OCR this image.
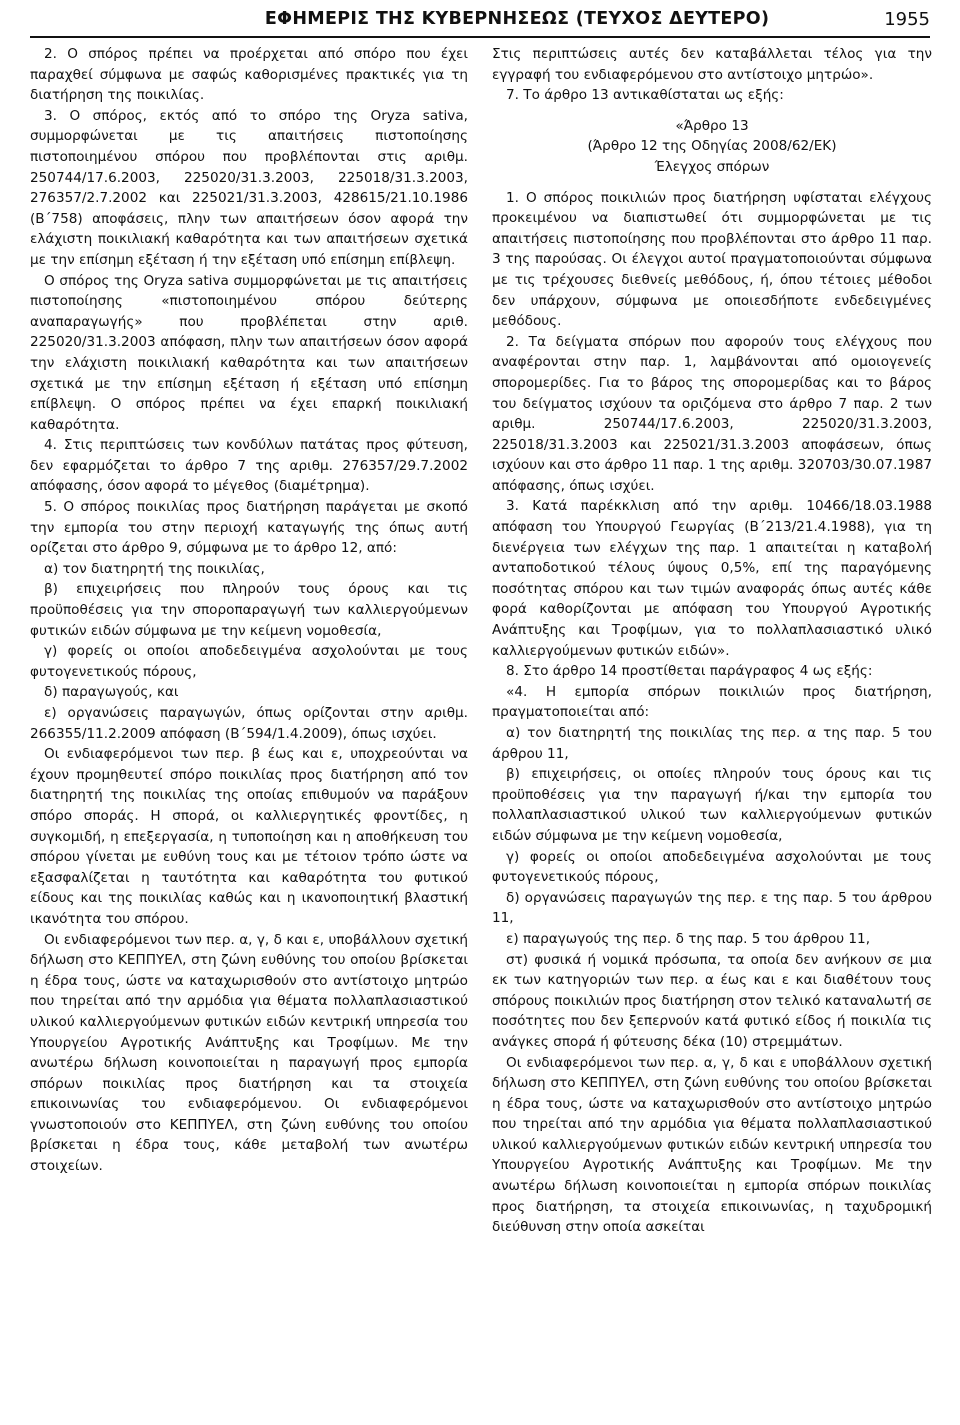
ΕΦΗΜΕΡΙΣ ΤΗΣ ΚΥΒΕΡΝΗΣΕΩΣ (ΤΕΥΧΟΣ ΔΕΥΤΕΡΟ)	1955

2. Ο σπόρος πρέπει να προέρχεται από σπόρο που έχει παραχθεί σύμφωνα με σαφώς καθορισμένες πρακτικές για τη διατήρηση της ποικιλίας.

3. Ο σπόρος, εκτός από το σπόρο της Oryza sativa, συμμορφώνεται με τις απαιτήσεις πιστοποίησης πιστοποιημένου σπόρου που προβλέπονται στις αριθμ. 250744/17.6.2003, 225020/31.3.2003, 225018/31.3.2003, 276357/2.7.2002 και 225021/31.3.2003, 428615/21.10.1986 (Β΄758) αποφάσεις, πλην των απαιτήσεων όσον αφορά την ελάχιστη ποικιλιακή καθαρότητα και των απαιτήσεων σχετικά με την επίσημη εξέταση ή την εξέταση υπό επίσημη επίβλεψη.

Ο σπόρος της Oryza sativa συμμορφώνεται με τις απαιτήσεις πιστοποίησης «πιστοποιημένου σπόρου δεύτερης αναπαραγωγής» που προβλέπεται στην αριθ. 225020/31.3.2003 απόφαση, πλην των απαιτήσεων όσον αφορά την ελάχιστη ποικιλιακή καθαρότητα και των απαιτήσεων σχετικά με την επίσημη εξέταση ή εξέταση υπό επίσημη επίβλεψη. Ο σπόρος πρέπει να έχει επαρκή ποικιλιακή καθαρότητα.

4. Στις περιπτώσεις των κονδύλων πατάτας προς φύτευση, δεν εφαρμόζεται το άρθρο 7 της αριθμ. 276357/29.7.2002 απόφασης, όσον αφορά το μέγεθος (διαμέτρημα).

5. Ο σπόρος ποικιλίας προς διατήρηση παράγεται με σκοπό την εμπορία του στην περιοχή καταγωγής της όπως αυτή ορίζεται στο άρθρο 9, σύμφωνα με το άρθρο 12, από:

α) τον διατηρητή της ποικιλίας,

β) επιχειρήσεις που πληρούν τους όρους και τις προϋποθέσεις για την σποροπαραγωγή των καλλιεργούμενων φυτικών ειδών σύμφωνα με την κείμενη νομοθεσία,

γ) φορείς οι οποίοι αποδεδειγμένα ασχολούνται με τους φυτογενετικούς πόρους,

δ) παραγωγούς, και

ε) οργανώσεις παραγωγών, όπως ορίζονται στην αριθμ. 266355/11.2.2009 απόφαση (Β΄594/1.4.2009), όπως ισχύει.

Οι ενδιαφερόμενοι των περ. β έως και ε, υποχρεούνται να έχουν προμηθευτεί σπόρο ποικιλίας προς διατήρηση από τον διατηρητή της ποικιλίας της οποίας επιθυμούν να παράξουν σπόρο σποράς. Η σπορά, οι καλλιεργητικές φροντίδες, η συγκομιδή, η επεξεργασία, η τυποποίηση και η αποθήκευση του σπόρου γίνεται με ευθύνη τους και με τέτοιον τρόπο ώστε να εξασφαλίζεται η ταυτότητα και καθαρότητα του φυτικού είδους και της ποικιλίας καθώς και η ικανοποιητική βλαστική ικανότητα του σπόρου.

Οι ενδιαφερόμενοι των περ. α, γ, δ και ε, υποβάλλουν σχετική δήλωση στο ΚΕΠΠΥΕΛ, στη ζώνη ευθύνης του οποίου βρίσκεται η έδρα τους, ώστε να καταχωρισθούν στο αντίστοιχο μητρώο που τηρείται από την αρμόδια για θέματα πολλαπλασιαστικού υλικού καλλιεργούμενων φυτικών ειδών κεντρική υπηρεσία του Υπουργείου Αγροτικής Ανάπτυξης και Τροφίμων. Με την ανωτέρω δήλωση κοινοποιείται η παραγωγή προς εμπορία σπόρων ποικιλίας προς διατήρηση και τα στοιχεία επικοινωνίας του ενδιαφερόμενου. Οι ενδιαφερόμενοι γνωστοποιούν στο ΚΕΠΠΥΕΛ, στη ζώνη ευθύνης του οποίου βρίσκεται η έδρα τους, κάθε μεταβολή των ανωτέρω στοιχείων.

Στις περιπτώσεις αυτές δεν καταβάλλεται τέλος για την εγγραφή του ενδιαφερόμενου στο αντίστοιχο μητρώο».

7. Το άρθρο 13 αντικαθίσταται ως εξής:

«Άρθρο 13

(Άρθρο 12 της Οδηγίας 2008/62/ΕΚ)

Έλεγχος σπόρων

1. Ο σπόρος ποικιλιών προς διατήρηση υφίσταται ελέγχους προκειμένου να διαπιστωθεί ότι συμμορφώνεται με τις απαιτήσεις πιστοποίησης που προβλέπονται στο άρθρο 11 παρ. 3 της παρούσας. Οι έλεγχοι αυτοί πραγματοποιούνται σύμφωνα με τις τρέχουσες διεθνείς μεθόδους, ή, όπου τέτοιες μέθοδοι δεν υπάρχουν, σύμφωνα με οποιεσδήποτε ενδεδειγμένες μεθόδους.

2. Τα δείγματα σπόρων που αφορούν τους ελέγχους που αναφέρονται στην παρ. 1, λαμβάνονται από ομοιογενείς σπορομερίδες. Για το βάρος της σπορομερίδας και το βάρος του δείγματος ισχύουν τα οριζόμενα στο άρθρο 7 παρ. 2 των αριθμ. 250744/17.6.2003, 225020/31.3.2003, 225018/31.3.2003 και 225021/31.3.2003 αποφάσεων, όπως ισχύουν και στο άρθρο 11 παρ. 1 της αριθμ. 320703/30.07.1987 απόφασης, όπως ισχύει.

3. Κατά παρέκκλιση από την αριθμ. 10466/18.03.1988 απόφαση του Υπουργού Γεωργίας (Β΄213/21.4.1988), για τη διενέργεια των ελέγχων της παρ. 1 απαιτείται η καταβολή ανταποδοτικού τέλους ύψους 0,5%, επί της παραγόμενης ποσότητας σπόρου και των τιμών αναφοράς όπως αυτές κάθε φορά καθορίζονται με απόφαση του Υπουργού Αγροτικής Ανάπτυξης και Τροφίμων, για το πολλαπλασιαστικό υλικό καλλιεργούμενων φυτικών ειδών».

8. Στο άρθρο 14 προστίθεται παράγραφος 4 ως εξής:

«4. Η εμπορία σπόρων ποικιλιών προς διατήρηση, πραγματοποιείται από:

α) τον διατηρητή της ποικιλίας της περ. α της παρ. 5 του άρθρου 11,

β) επιχειρήσεις, οι οποίες πληρούν τους όρους και τις προϋποθέσεις για την παραγωγή ή/και την εμπορία του πολλαπλασιαστικού υλικού των καλλιεργούμενων φυτικών ειδών σύμφωνα με την κείμενη νομοθεσία,

γ) φορείς οι οποίοι αποδεδειγμένα ασχολούνται με τους φυτογενετικούς πόρους,

δ) οργανώσεις παραγωγών της περ. ε της παρ. 5 του άρθρου 11,

ε) παραγωγούς της περ. δ της παρ. 5 του άρθρου 11,

στ) φυσικά ή νομικά πρόσωπα, τα οποία δεν ανήκουν σε μια εκ των κατηγοριών των περ. α έως και ε και διαθέτουν τους σπόρους ποικιλιών προς διατήρηση στον τελικό καταναλωτή σε ποσότητες που δεν ξεπερνούν κατά φυτικό είδος ή ποικιλία τις ανάγκες σπορά ή φύτευσης δέκα (10) στρεμμάτων.

Οι ενδιαφερόμενοι των περ. α, γ, δ και ε υποβάλλουν σχετική δήλωση στο ΚΕΠΠΥΕΛ, στη ζώνη ευθύνης του οποίου βρίσκεται η έδρα τους, ώστε να καταχωρισθούν στο αντίστοιχο μητρώο που τηρείται από την αρμόδια για θέματα πολλαπλασιαστικού υλικού καλλιεργούμενων φυτικών ειδών κεντρική υπηρεσία του Υπουργείου Αγροτικής Ανάπτυξης και Τροφίμων. Με την ανωτέρω δήλωση κοινοποιείται η εμπορία σπόρων ποικιλίας προς διατήρηση, τα στοιχεία επικοινωνίας, η ταχυδρομική διεύθυνση στην οποία ασκείται
